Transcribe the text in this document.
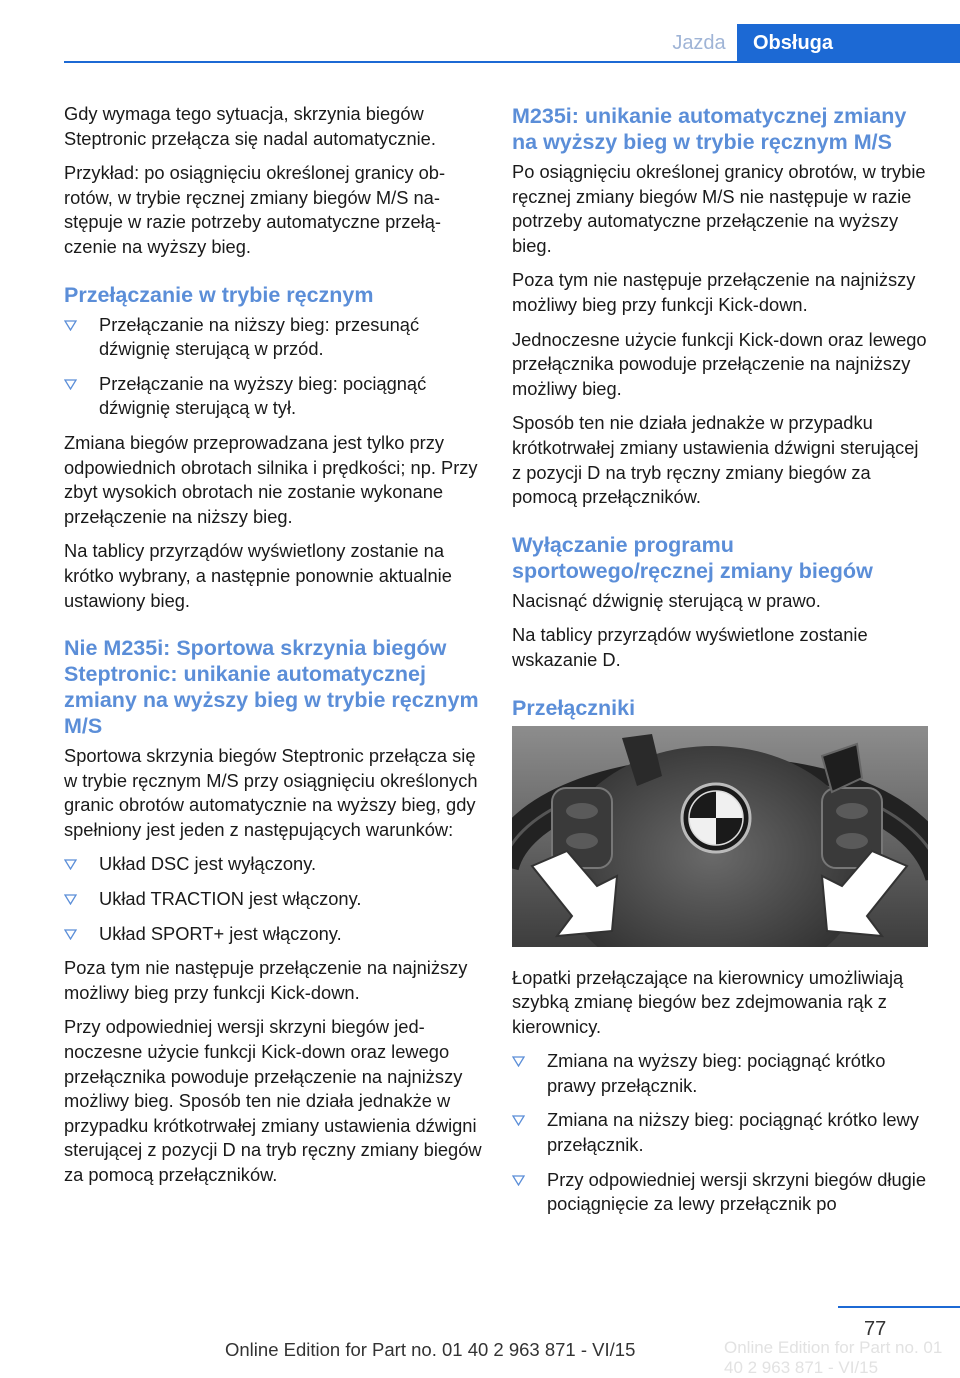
Jazda	Obsługa

Gdy wymaga tego sytuacja, skrzynia biegów Steptronic przełącza się nadal automatycznie.

Przykład: po osiągnięciu określonej granicy obrotów, w trybie ręcznej zmiany biegów M/S następuje w razie potrzeby automatyczne przełączenie na wyższy bieg.

Przełączanie w trybie ręcznym
Przełączanie na niższy bieg: przesunąć dźwignię sterującą w przód.
Przełączanie na wyższy bieg: pociągnąć dźwignię sterującą w tył.

Zmiana biegów przeprowadzana jest tylko przy odpowiednich obrotach silnika i prędkości; np. Przy zbyt wysokich obrotach nie zostanie wykonane przełączenie na niższy bieg.

Na tablicy przyrządów wyświetlony zostanie na krótko wybrany, a następnie ponownie aktualnie ustawiony bieg.

Nie M235i: Sportowa skrzynia biegów Steptronic: unikanie automatycznej zmiany na wyższy bieg w trybie ręcznym M/S

Sportowa skrzynia biegów Steptronic przełącza się w trybie ręcznym M/S przy osiągnięciu określonych granic obrotów automatycznie na wyższy bieg, gdy spełniony jest jeden z następujących warunków:

Układ DSC jest wyłączony.
Układ TRACTION jest włączony.
Układ SPORT+ jest włączony.

Poza tym nie następuje przełączenie na najniższy możliwy bieg przy funkcji Kick-down.

Przy odpowiedniej wersji skrzyni biegów jednoczesne użycie funkcji Kick-down oraz lewego przełącznika powoduje przełączenie na najniższy możliwy bieg. Sposób ten nie działa jednakże w przypadku krótkotrwałej zmiany ustawienia dźwigni sterującej z pozycji D na tryb ręczny zmiany biegów za pomocą przełączników.

M235i: unikanie automatycznej zmiany na wyższy bieg w trybie ręcznym M/S

Po osiągnięciu określonej granicy obrotów, w trybie ręcznej zmiany biegów M/S nie następuje w razie potrzeby automatyczne przełączenie na wyższy bieg.

Poza tym nie następuje przełączenie na najniższy możliwy bieg przy funkcji Kick-down.

Jednoczesne użycie funkcji Kick-down oraz lewego przełącznika powoduje przełączenie na najniższy możliwy bieg.

Sposób ten nie działa jednakże w przypadku krótkotrwałej zmiany ustawienia dźwigni sterującej z pozycji D na tryb ręczny zmiany biegów za pomocą przełączników.

Wyłączanie programu sportowego/ręcznej zmiany biegów

Nacisnąć dźwignię sterującą w prawo.

Na tablicy przyrządów wyświetlone zostanie wskazanie D.

Przełączniki

Łopatki przełączające na kierownicy umożliwiają szybką zmianę biegów bez zdejmowania rąk z kierownicy.

Zmiana na wyższy bieg: pociągnąć krótko prawy przełącznik.
Zmiana na niższy bieg: pociągnąć krótko lewy przełącznik.
Przy odpowiedniej wersji skrzyni biegów długie pociągnięcie za lewy przełącznik po
77
Online Edition for Part no. 01 40 2 963 871 - VI/15
Online Edition for Part no. 01 40 2 963 871 - VI/15
